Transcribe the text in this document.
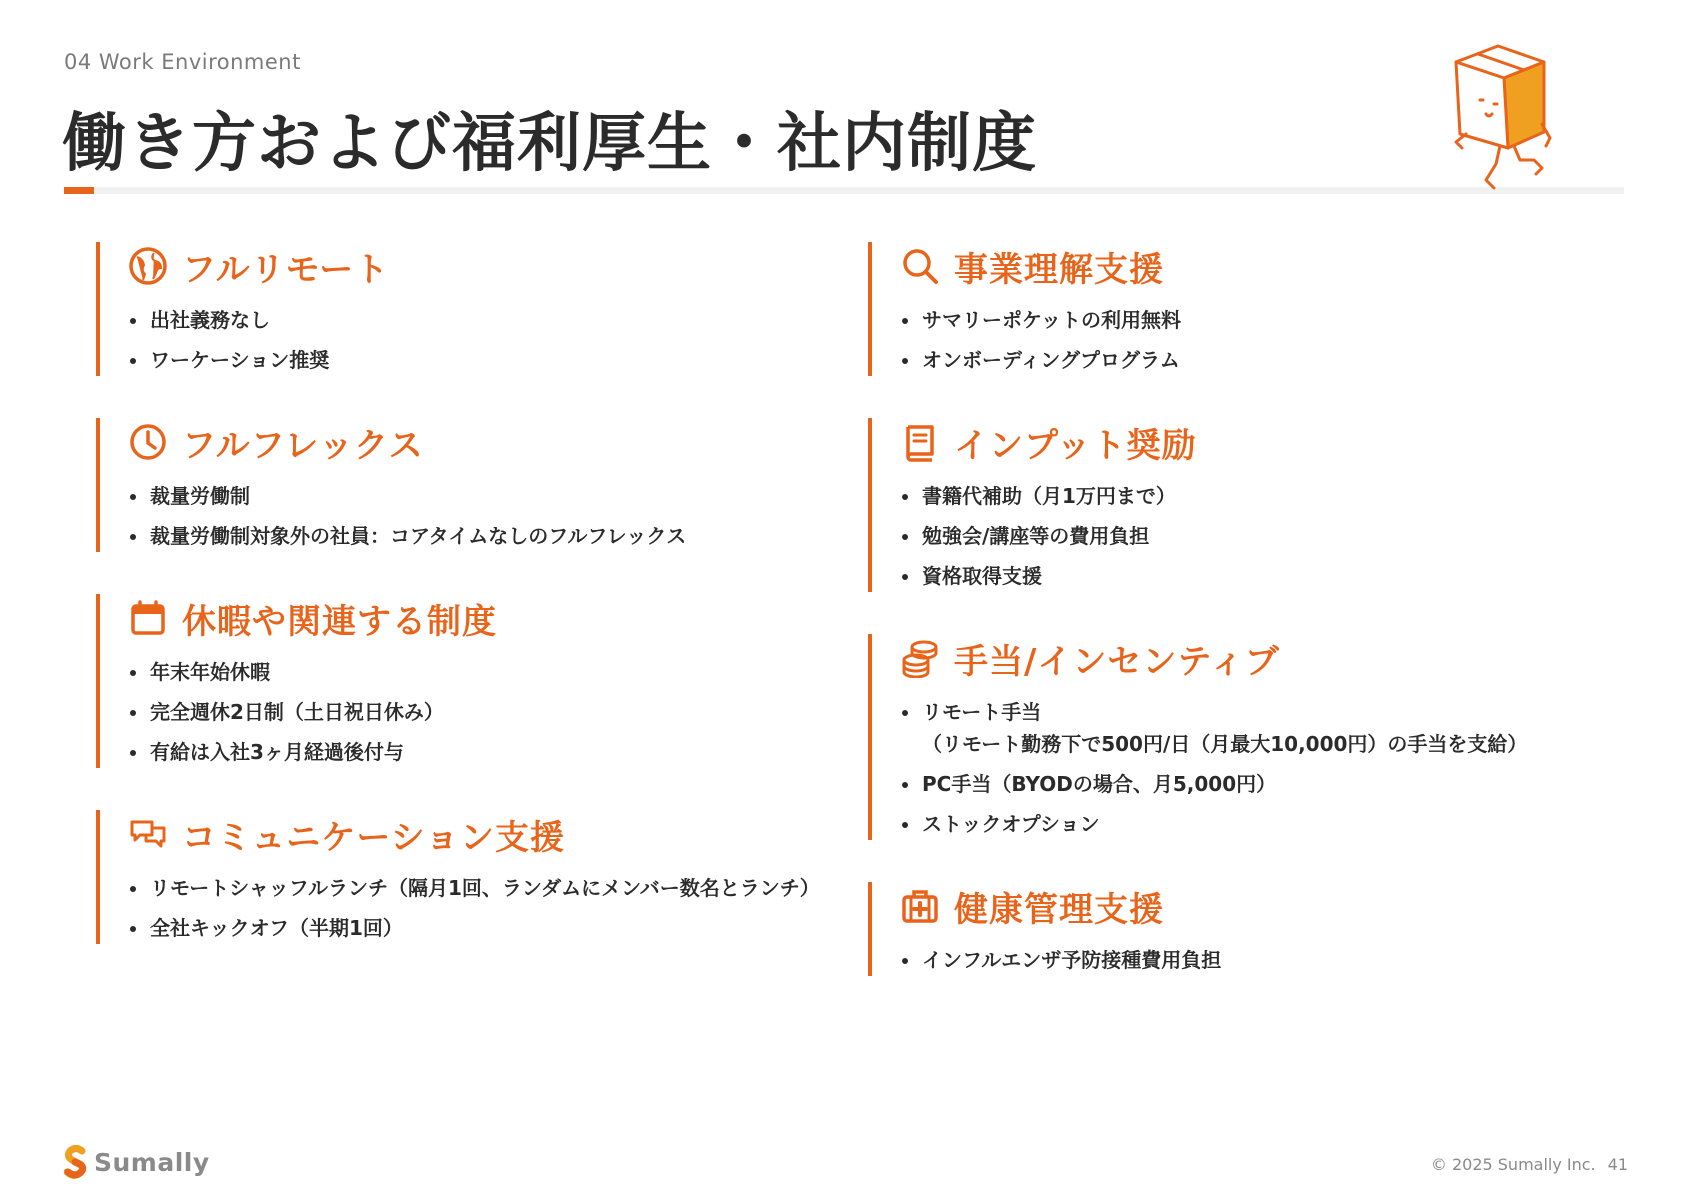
04 Work Environment
働き方および福利厚生・社内制度
フルリモート
出社義務なし
ワーケーション推奨
フルフレックス
裁量労働制
裁量労働制対象外の社員：コアタイムなしのフルフレックス
休暇や関連する制度
年末年始休暇
完全週休2日制（土日祝日休み）
有給は入社3ヶ月経過後付与
コミュニケーション支援
リモートシャッフルランチ（隔月1回、ランダムにメンバー数名とランチ）
全社キックオフ（半期1回）
事業理解支援
サマリーポケットの利用無料
オンボーディングプログラム
インプット奨励
書籍代補助（月1万円まで）
勉強会/講座等の費用負担
資格取得支援
手当/インセンティブ
リモート手当
（リモート勤務下で500円/日（月最大10,000円）の手当を支給）
PC手当（BYODの場合、月5,000円）
ストックオプション
健康管理支援
インフルエンザ予防接種費用負担
Sumally	© 2025 Sumally Inc. 41
